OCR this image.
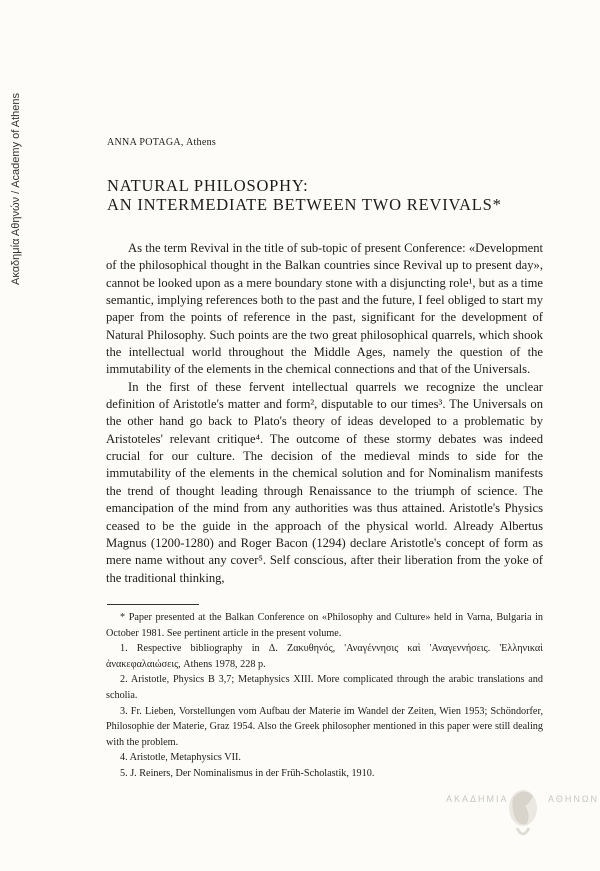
Ακαδημία Αθηνών / Academy of Athens	ANNA POTAGA, Athens
NATURAL PHILOSOPHY:
AN INTERMEDIATE BETWEEN TWO REVIVALS*

As the term Revival in the title of sub-topic of present Conference: «Development of the philosophical thought in the Balkan countries since Revival up to present day», cannot be looked upon as a mere boundary stone with a disjuncting role¹, but as a time semantic, implying references both to the past and the future, I feel obliged to start my paper from the points of reference in the past, significant for the development of Natural Philosophy. Such points are the two great philosophical quarrels, which shook the intellectual world throughout the Middle Ages, namely the question of the immutability of the elements in the chemical connections and that of the Universals.

In the first of these fervent intellectual quarrels we recognize the unclear definition of Aristotle's matter and form², disputable to our times³. The Universals on the other hand go back to Plato's theory of ideas developed to a problematic by Aristoteles' relevant critique⁴. The outcome of these stormy debates was indeed crucial for our culture. The decision of the medieval minds to side for the immutability of the elements in the chemical solution and for Nominalism manifests the trend of thought leading through Renaissance to the triumph of science. The emancipation of the mind from any authorities was thus attained. Aristotle's Physics ceased to be the guide in the approach of the physical world. Already Albertus Magnus (1200-1280) and Roger Bacon (1294) declare Aristotle's concept of form as mere name without any cover⁵. Self conscious, after their liberation from the yoke of the traditional thinking,

* Paper presented at the Balkan Conference on «Philosophy and Culture» held in Varna, Bulgaria in October 1981. See pertinent article in the present volume.

1. Respective bibliography in Δ. Ζακυθηνός, 'Αναγέννησις καὶ 'Αναγεννήσεις. 'Ελληνικαὶ ἀνακεφαλαιώσεις, Athens 1978, 228 p.

2. Aristotle, Physics B 3,7; Metaphysics XIII. More complicated through the arabic translations and scholia.

3. Fr. Lieben, Vorstellungen vom Aufbau der Materie im Wandel der Zeiten, Wien 1953; Schöndorfer, Philosophie der Materie, Graz 1954. Also the Greek philosopher mentioned in this paper were still dealing with the problem.

4. Aristotle, Metaphysics VII.

5. J. Reiners, Der Nominalismus in der Früh-Scholastik, 1910.

ΑΚΑΔΗΜΙΑ	ΑΘΗΝΩΝ
